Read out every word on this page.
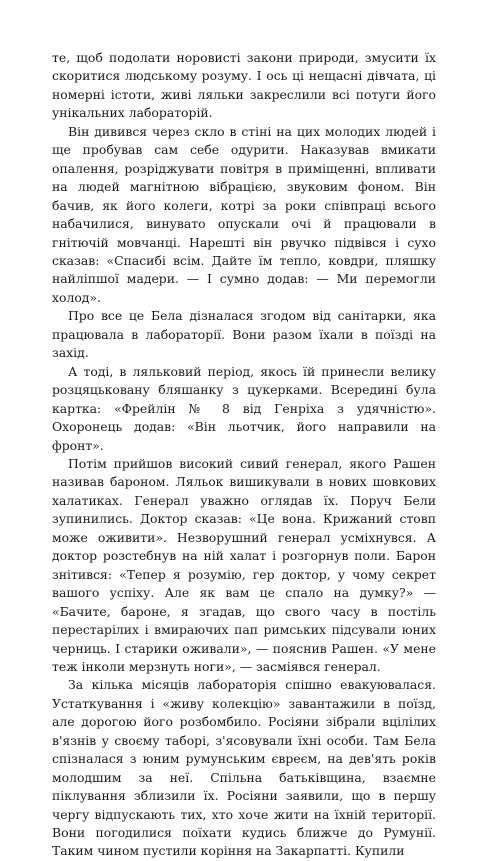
те, щоб подолати норовисті закони природи, змусити їх скоритися людському розуму. І ось ці нещасні дівчата, ці номерні істоти, живі ляльки закреслили всі потуги його унікальних лабораторій.

Він дивився через скло в стіні на цих молодих людей і ще пробував сам себе одурити. Наказував вмикати опалення, розріджувати повітря в приміщенні, впливати на людей магнітною вібрацією, звуковим фоном. Він бачив, як його колеги, котрі за роки співпраці всього набачилися, винувато опускали очі й працювали в гнітючій мовчанці. Нарешті він рвучко підвівся і сухо сказав: «Спасибі всім. Дайте їм тепло, ковдри, пляшку найліпшої мадери. — І сумно додав: — Ми перемогли холод».

Про все це Бела дізналася згодом від санітарки, яка працювала в лабораторії. Вони разом їхали в поїзді на захід.

А тоді, в ляльковий період, якось їй принесли велику розцяцьковану бляшанку з цукерками. Всередині була картка: «Фрейлін № 8 від Генріха з удячністю». Охоронець додав: «Він льотчик, його направили на фронт».

Потім прийшов високий сивий генерал, якого Рашен називав бароном. Ляльок вишикували в нових шовкових халатиках. Генерал уважно оглядав їх. Поруч Бели зупинились. Доктор сказав: «Це вона. Крижаний стовп може оживити». Незворушний генерал усміхнувся. А доктор розстебнув на ній халат і розгорнув поли. Барон знітився: «Тепер я розумію, гер доктор, у чому секрет вашого успіху. Але як вам це спало на думку?» — «Бачите, бароне, я згадав, що свого часу в постіль перестарілих і вмираючих пап римських підсували юних черниць. І старики оживали», — пояснив Рашен. «У мене теж інколи мерзнуть ноги», — засміявся генерал.

За кілька місяців лабораторія спішно евакуювалася. Устаткування і «живу колекцію» завантажили в поїзд, але дорогою його розбомбило. Росіяни зібрали вцілілих в'язнів у своєму таборі, з'ясовували їхні особи. Там Бела спізналася з юним румунським євреєм, на дев'ять років молодшим за неї. Спільна батьківщина, взаємне піклування зблизили їх. Росіяни заявили, що в першу чергу відпускають тих, хто хоче жити на їхній території. Вони погодилися поїхати кудись ближче до Румунії. Таким чином пустили коріння на Закарпатті. Купили
